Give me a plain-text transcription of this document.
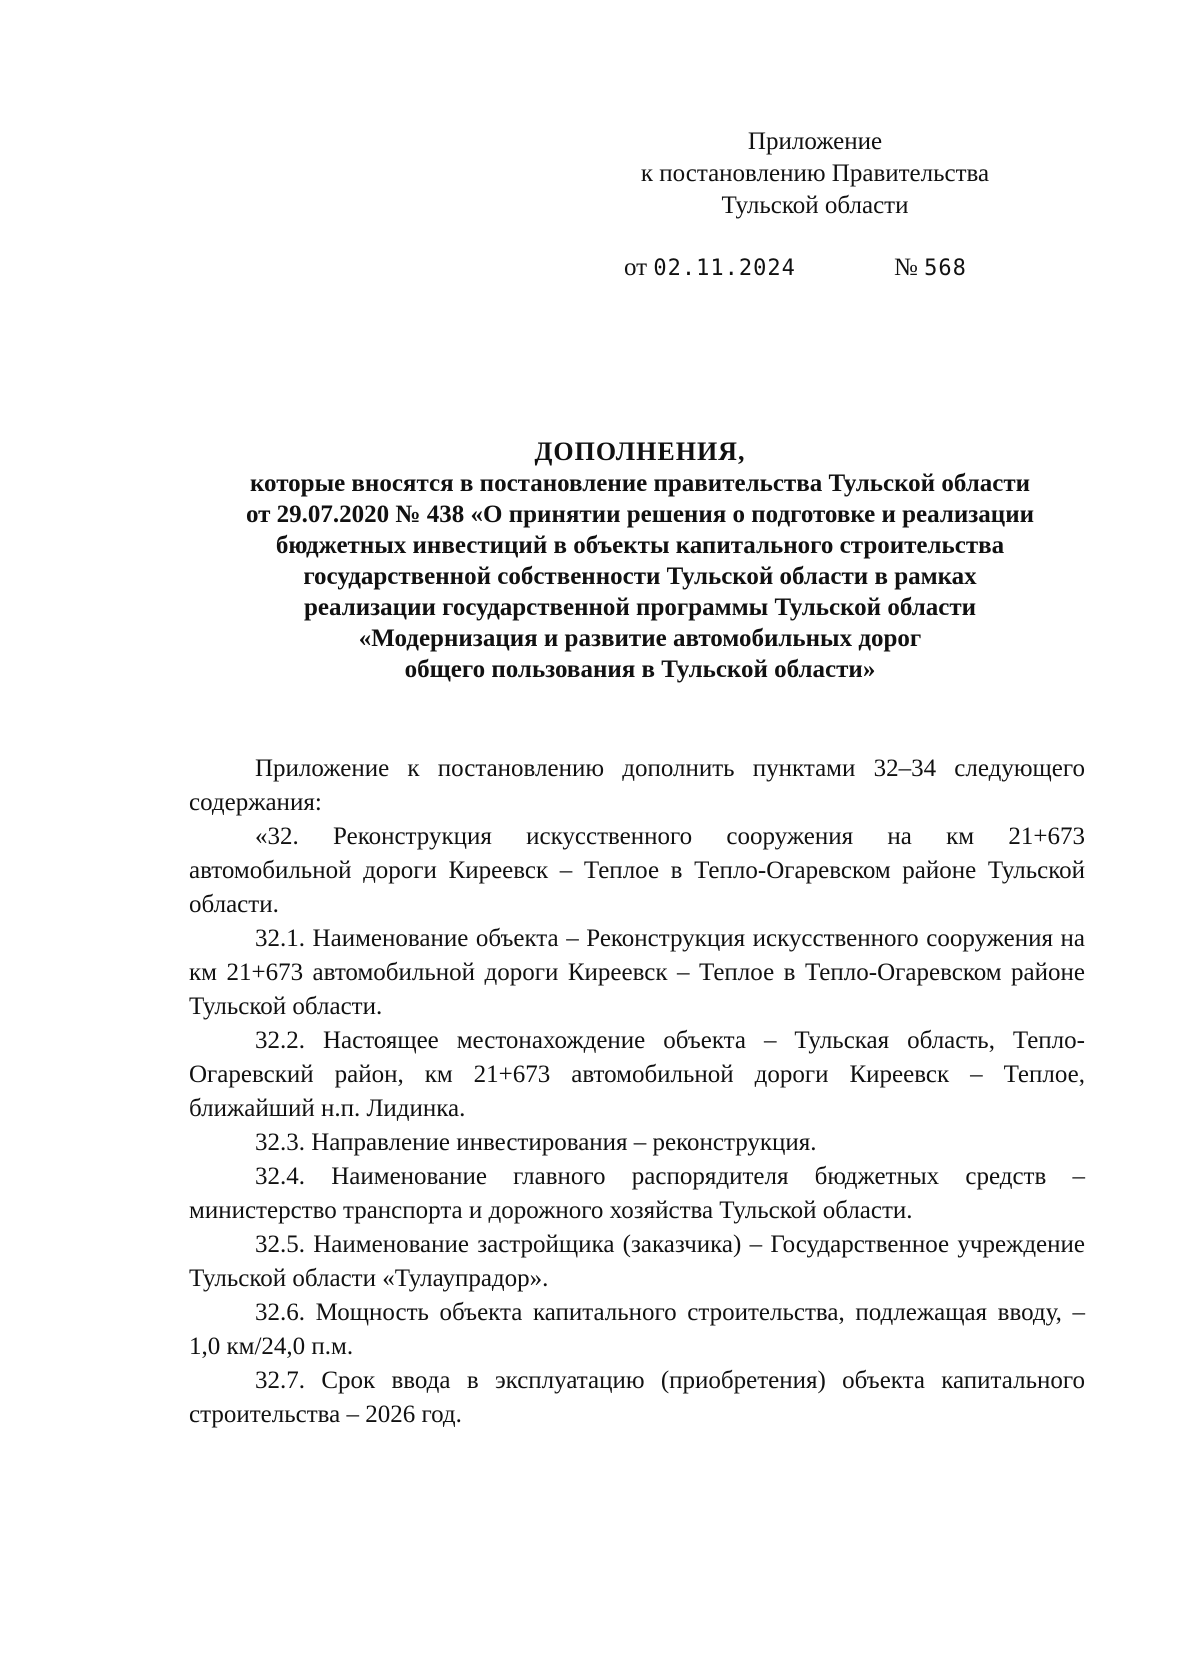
Приложение
к постановлению Правительства
Тульской области
от 02.11.2024	№ 568
ДОПОЛНЕНИЯ,
которые вносятся в постановление правительства Тульской области
от 29.07.2020 № 438 «О принятии решения о подготовке и реализации
бюджетных инвестиций в объекты капитального строительства
государственной собственности Тульской области в рамках
реализации государственной программы Тульской области
«Модернизация и развитие автомобильных дорог
общего пользования в Тульской области»

Приложение к постановлению дополнить пунктами 32–34 следующего содержания:

«32. Реконструкция искусственного сооружения на км 21+673 автомобильной дороги Киреевск – Теплое в Тепло-Огаревском районе Тульской области.

32.1. Наименование объекта – Реконструкция искусственного сооружения на км 21+673 автомобильной дороги Киреевск – Теплое в Тепло-Огаревском районе Тульской области.

32.2. Настоящее местонахождение объекта – Тульская область, Тепло-Огаревский район, км 21+673 автомобильной дороги Киреевск – Теплое, ближайший н.п. Лидинка.

32.3. Направление инвестирования – реконструкция.

32.4. Наименование главного распорядителя бюджетных средств – министерство транспорта и дорожного хозяйства Тульской области.

32.5. Наименование застройщика (заказчика) – Государственное учреждение Тульской области «Тулаупрадор».

32.6. Мощность объекта капитального строительства, подлежащая вводу, – 1,0 км/24,0 п.м.

32.7. Срок ввода в эксплуатацию (приобретения) объекта капитального строительства – 2026 год.
